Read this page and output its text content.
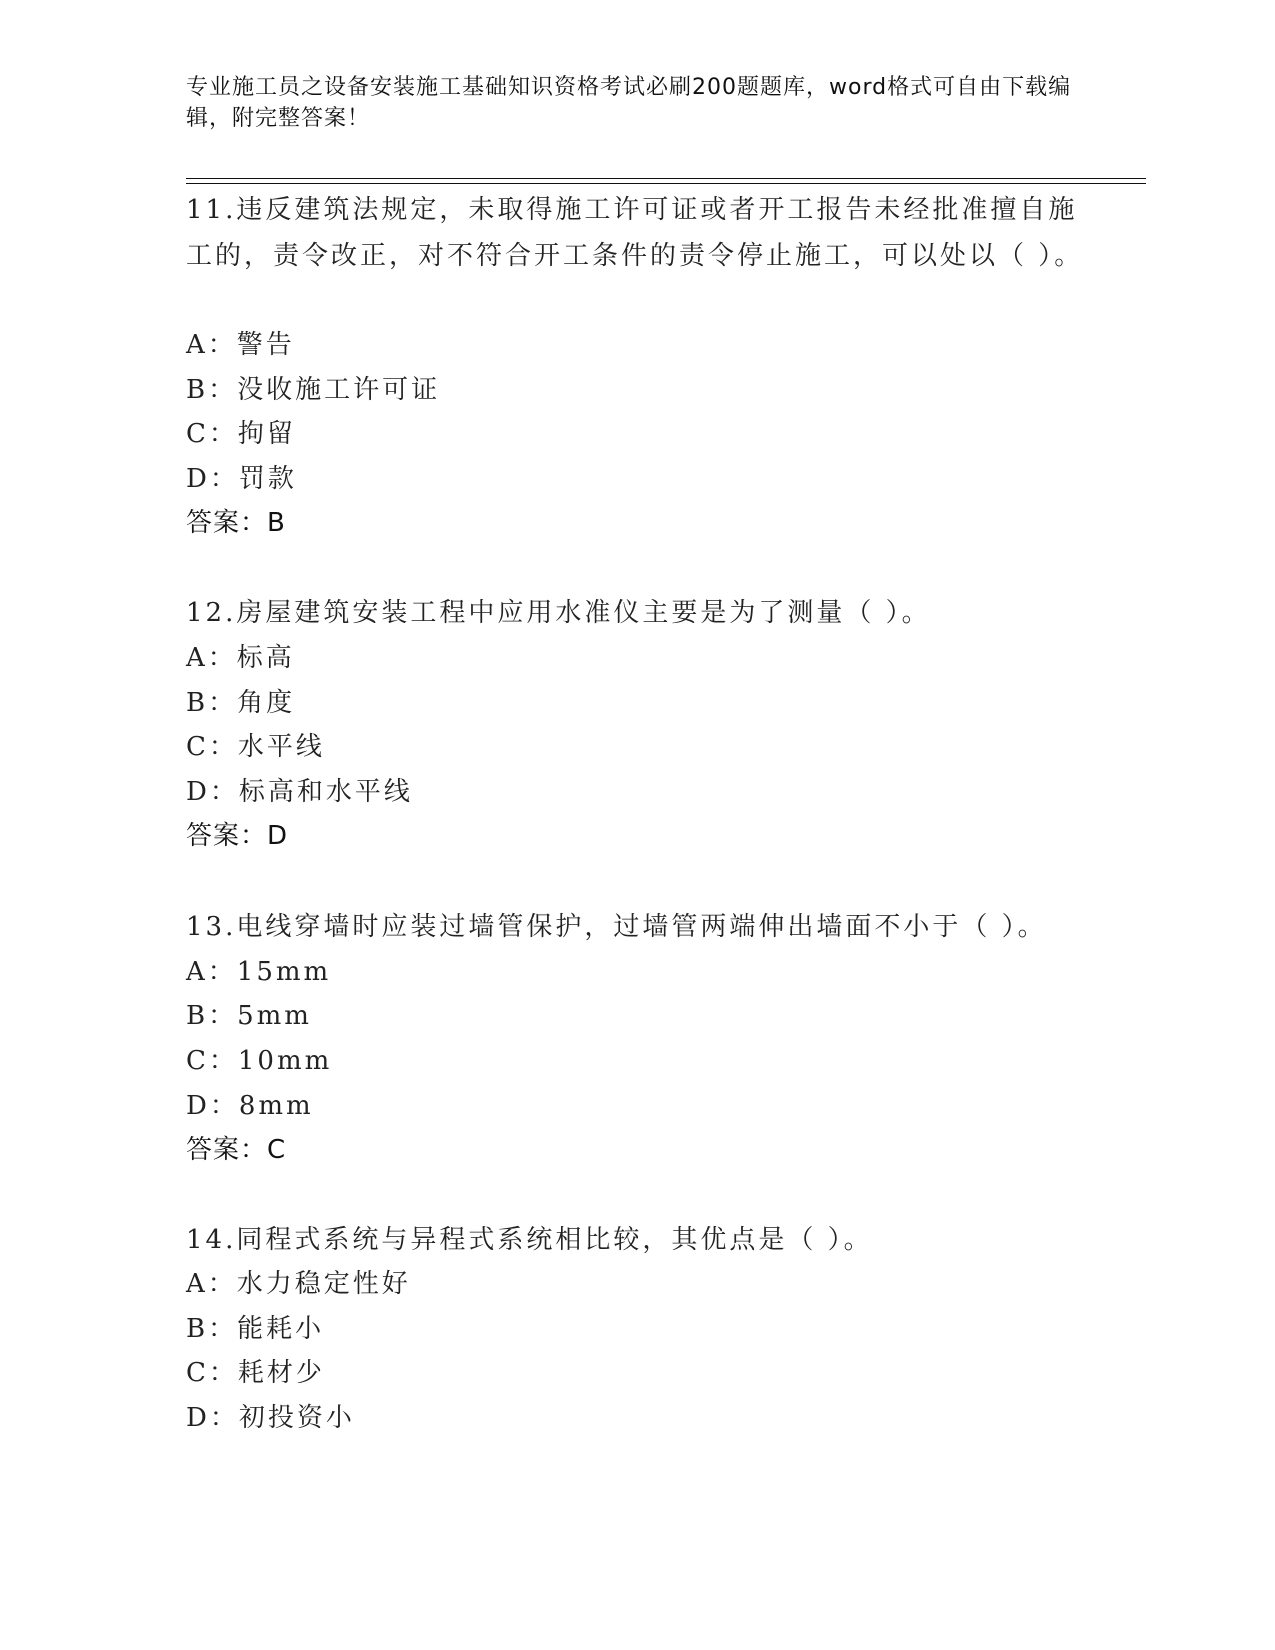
专业施工员之设备安装施工基础知识资格考试必刷200题题库，word格式可自由下载编辑，附完整答案！
11.违反建筑法规定，未取得施工许可证或者开工报告未经批准擅自施工的，责令改正，对不符合开工条件的责令停止施工，可以处以（ ）。
A：警告
B：没收施工许可证
C：拘留
D：罚款
答案：B
12.房屋建筑安装工程中应用水准仪主要是为了测量（ ）。
A：标高
B：角度
C：水平线
D：标高和水平线
答案：D
13.电线穿墙时应装过墙管保护，过墙管两端伸出墙面不小于（ ）。
A：15mm
B：5mm
C：10mm
D：8mm
答案：C
14.同程式系统与异程式系统相比较，其优点是（ ）。
A：水力稳定性好
B：能耗小
C：耗材少
D：初投资小
